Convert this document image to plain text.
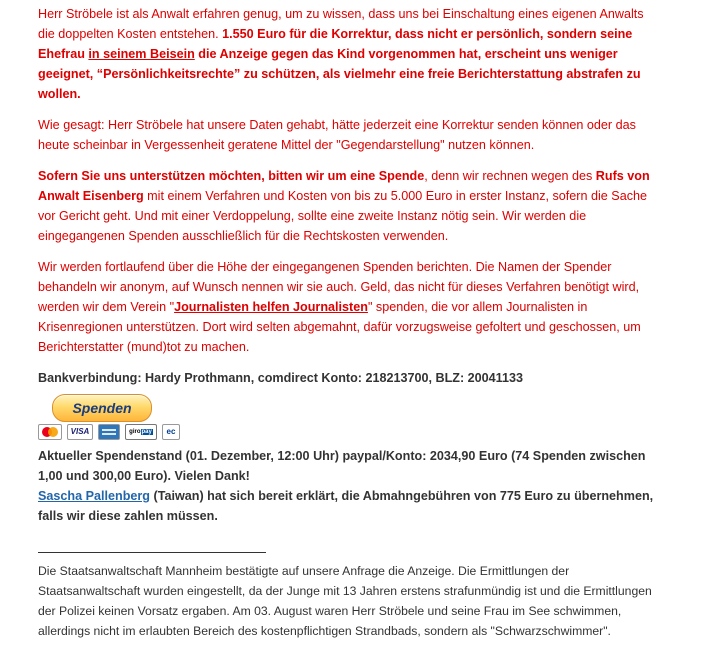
Herr Ströbele ist als Anwalt erfahren genug, um zu wissen, dass uns bei Einschaltung eines eigenen Anwalts die doppelten Kosten entstehen. 1.550 Euro für die Korrektur, dass nicht er persönlich, sondern seine Ehefrau in seinem Beisein die Anzeige gegen das Kind vorgenommen hat, erscheint uns weniger geeignet, “Persönlichkeitsrechte” zu schützen, als vielmehr eine freie Berichterstattung abstrafen zu wollen.

Wie gesagt: Herr Ströbele hat unsere Daten gehabt, hätte jederzeit eine Korrektur senden können oder das heute scheinbar in Vergessenheit geratene Mittel der "Gegendarstellung" nutzen können.

Sofern Sie uns unterstützen möchten, bitten wir um eine Spende, denn wir rechnen wegen des Rufs von Anwalt Eisenberg mit einem Verfahren und Kosten von bis zu 5.000 Euro in erster Instanz, sofern die Sache vor Gericht geht. Und mit einer Verdoppelung, sollte eine zweite Instanz nötig sein. Wir werden die eingegangenen Spenden ausschließlich für die Rechtskosten verwenden.

Wir werden fortlaufend über die Höhe der eingegangenen Spenden berichten. Die Namen der Spender behandeln wir anonym, auf Wunsch nennen wir sie auch. Geld, das nicht für dieses Verfahren benötigt wird, werden wir dem Verein "Journalisten helfen Journalisten" spenden, die vor allem Journalisten in Krisenregionen unterstützen. Dort wird selten abgemahnt, dafür vorzugsweise gefoltert und geschossen, um Berichterstatter (mund)tot zu machen.

Bankverbindung: Hardy Prothmann, comdirect Konto: 218213700, BLZ: 20041133

Spenden
VISA	giropay	ec

Aktueller Spendenstand (01. Dezember, 12:00 Uhr) paypal/Konto: 2034,90 Euro (74 Spenden zwischen 1,00 und 300,00 Euro). Vielen Dank!
Sascha Pallenberg (Taiwan) hat sich bereit erklärt, die Abmahngebühren von 775 Euro zu übernehmen, falls wir diese zahlen müssen.

Die Staatsanwaltschaft Mannheim bestätigte auf unsere Anfrage die Anzeige. Die Ermittlungen der Staatsanwaltschaft wurden eingestellt, da der Junge mit 13 Jahren erstens strafunmündig ist und die Ermittlungen der Polizei keinen Vorsatz ergaben. Am 03. August waren Herr Ströbele und seine Frau im See schwimmen, allerdings nicht im erlaubten Bereich des kostenpflichtigen Strandbads, sondern als "Schwarzschwimmer".
